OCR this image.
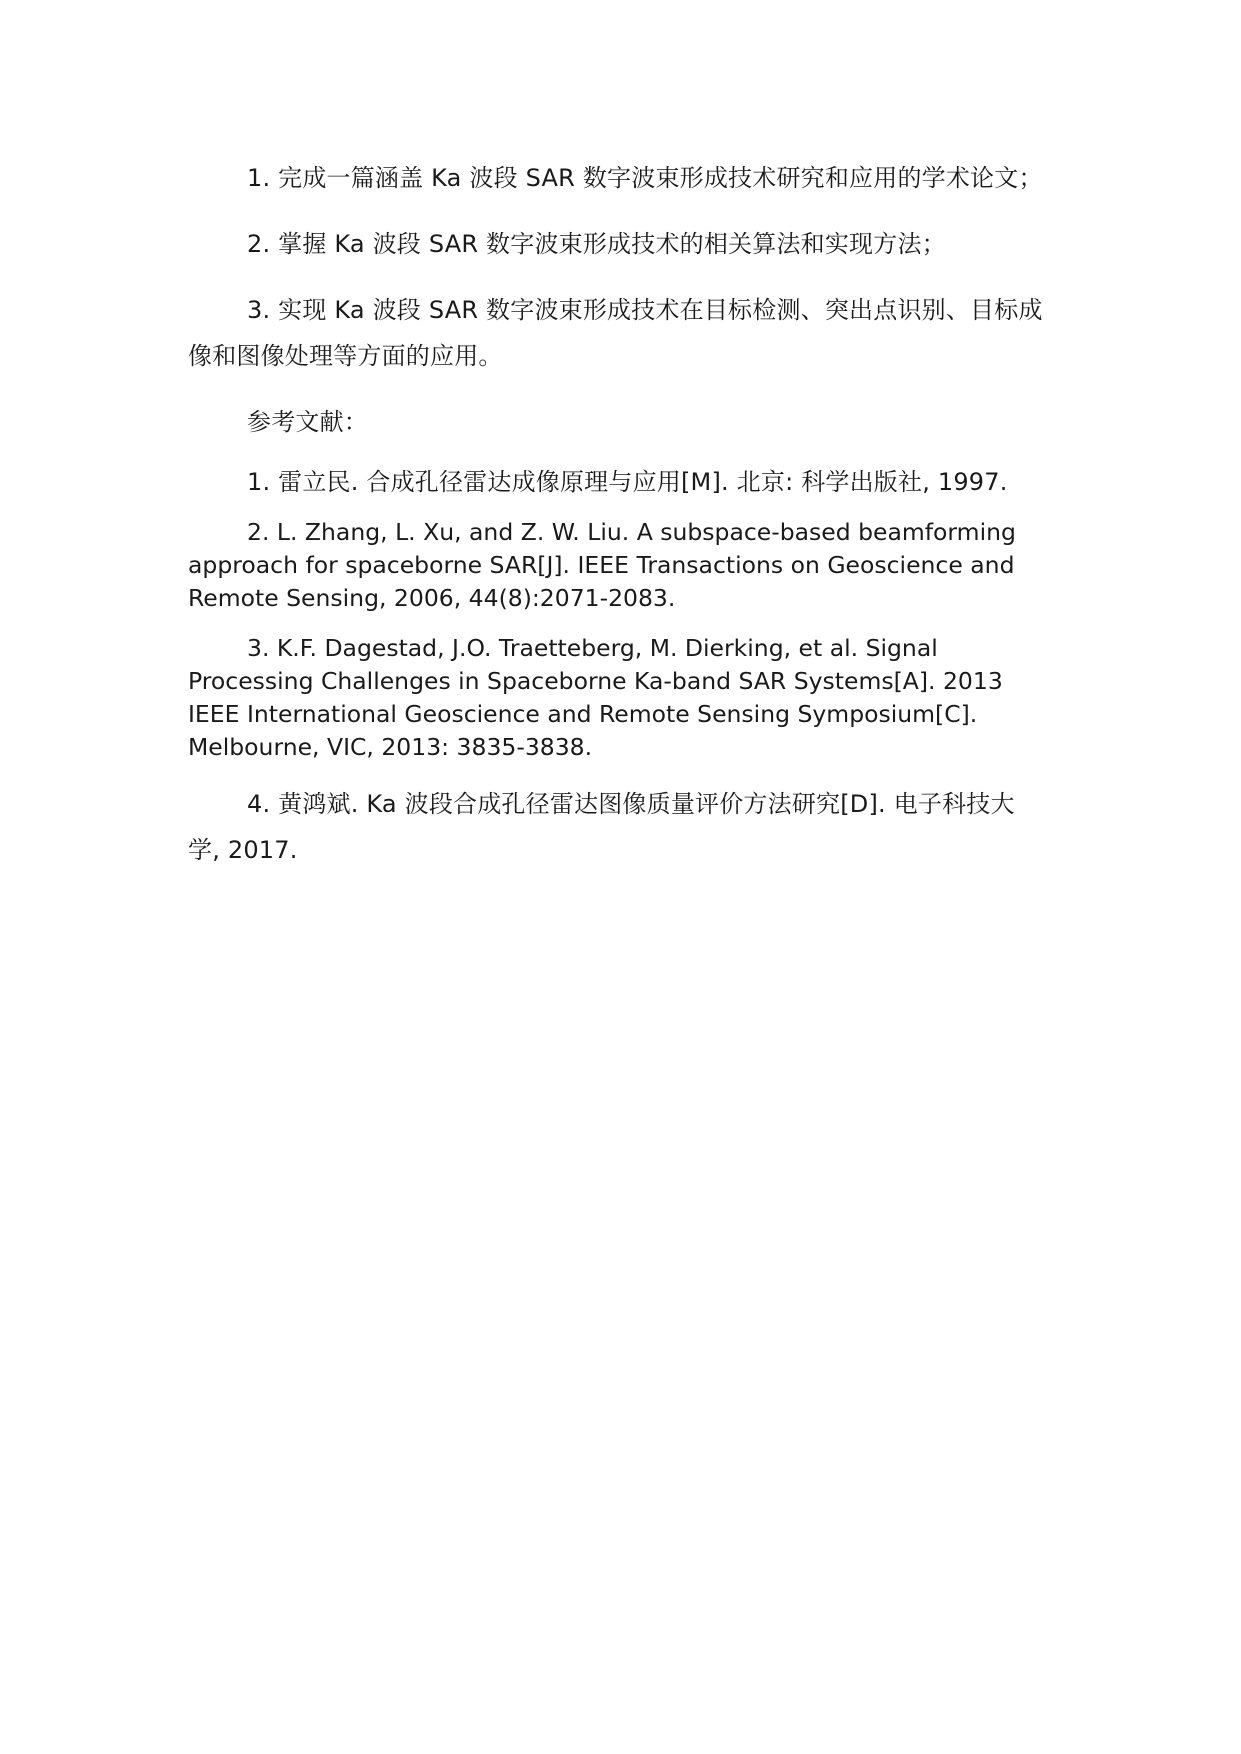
1. 完成一篇涵盖 Ka 波段 SAR 数字波束形成技术研究和应用的学术论文；

2. 掌握 Ka 波段 SAR 数字波束形成技术的相关算法和实现方法；

3. 实现 Ka 波段 SAR 数字波束形成技术在目标检测、突出点识别、目标成像和图像处理等方面的应用。

参考文献：

1. 雷立民. 合成孔径雷达成像原理与应用[M]. 北京: 科学出版社, 1997.

2. L. Zhang, L. Xu, and Z. W. Liu. A subspace-based beamforming approach for spaceborne SAR[J]. IEEE Transactions on Geoscience and Remote Sensing, 2006, 44(8):2071-2083.

3. K.F. Dagestad, J.O. Traetteberg, M. Dierking, et al. Signal Processing Challenges in Spaceborne Ka-band SAR Systems[A]. 2013 IEEE International Geoscience and Remote Sensing Symposium[C]. Melbourne, VIC, 2013: 3835-3838.

4. 黄鸿斌. Ka 波段合成孔径雷达图像质量评价方法研究[D]. 电子科技大学, 2017.
